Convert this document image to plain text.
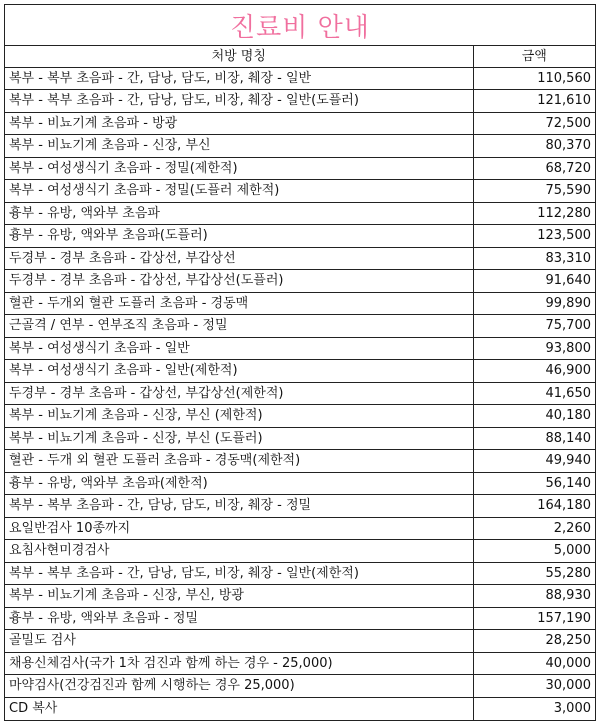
진료비 안내
처방 명칭	금액
복부 - 복부 초음파 - 간, 담낭, 담도, 비장, 췌장 - 일반	110,560
복부 - 복부 초음파 - 간, 담낭, 담도, 비장, 췌장 - 일반(도플러)	121,610
복부 - 비뇨기계 초음파 - 방광	72,500
복부 - 비뇨기계 초음파 - 신장, 부신	80,370
복부 - 여성생식기 초음파 - 정밀(제한적)	68,720
복부 - 여성생식기 초음파 - 정밀(도플러 제한적)	75,590
흉부 - 유방, 액와부 초음파	112,280
흉부 - 유방, 액와부 초음파(도플러)	123,500
두경부 - 경부 초음파 - 갑상선, 부갑상선	83,310
두경부 - 경부 초음파 - 갑상선, 부갑상선(도플러)	91,640
혈관 - 두개외 혈관 도플러 초음파 - 경동맥	99,890
근골격 / 연부 - 연부조직 초음파 - 정밀	75,700
복부 - 여성생식기 초음파 - 일반	93,800
복부 - 여성생식기 초음파 - 일반(제한적)	46,900
두경부 - 경부 초음파 - 갑상선, 부갑상선(제한적)	41,650
복부 - 비뇨기계 초음파 - 신장, 부신 (제한적)	40,180
복부 - 비뇨기계 초음파 - 신장, 부신 (도플러)	88,140
혈관 - 두개 외 혈관 도플러 초음파 - 경동맥(제한적)	49,940
흉부 - 유방, 액와부 초음파(제한적)	56,140
복부 - 복부 초음파 - 간, 담낭, 담도, 비장, 췌장 - 정밀	164,180
요일반검사 10종까지	2,260
요침사현미경검사	5,000
복부 - 복부 초음파 - 간, 담낭, 담도, 비장, 췌장 - 일반(제한적)	55,280
복부 - 비뇨기계 초음파 - 신장, 부신, 방광	88,930
흉부 - 유방, 액와부 초음파 - 정밀	157,190
골밀도 검사	28,250
채용신체검사(국가 1차 검진과 함께 하는 경우 - 25,000)	40,000
마약검사(건강검진과 함께 시행하는 경우 25,000)	30,000
CD 복사	3,000
